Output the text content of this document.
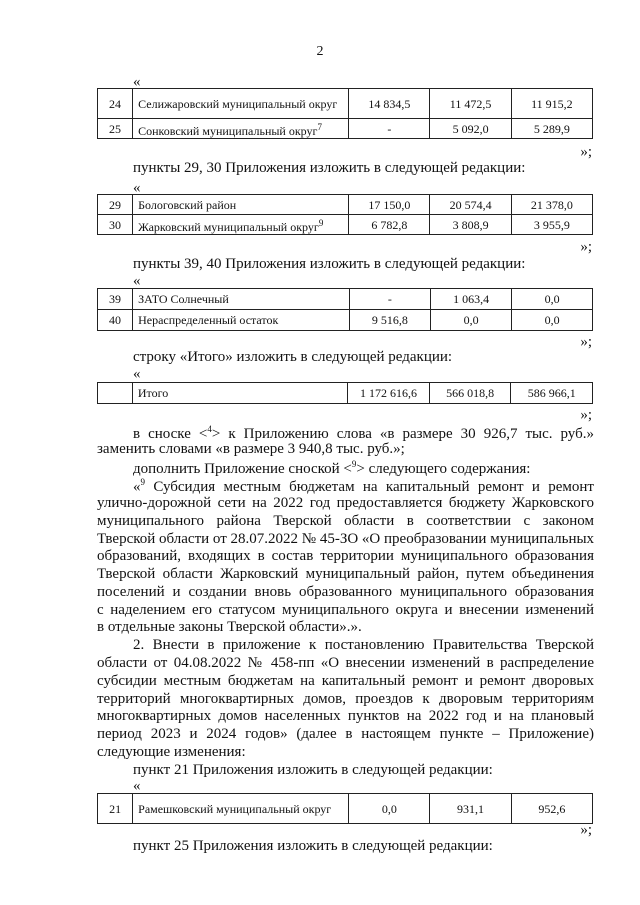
2
«
24	Селижаровский муниципальный округ	14 834,5	11 472,5	11 915,2
25	Сонковский муниципальный округ$^7$	-	5 092,0	5 289,9
»;
пункты 29, 30 Приложения изложить в следующей редакции:
«
29	Бологовский район	17 150,0	20 574,4	21 378,0
30	Жарковский муниципальный округ$^9$	6 782,8	3 808,9	3 955,9
»;
пункты 39, 40 Приложения изложить в следующей редакции:
«
39	ЗАТО Солнечный	-	1 063,4	0,0
40	Нераспределенный остаток	9 516,8	0,0	0,0
»;
строку «Итого» изложить в следующей редакции:
«
	Итого	1 172 616,6	566 018,8	586 966,1
»;
в сноске <$^4$> к Приложению слова «в размере 30 926,7 тыс. руб.»
заменить словами «в размере 3 940,8 тыс. руб.»;
дополнить Приложение сноской <$^9$> следующего содержания:
«$^9$ Субсидия местным бюджетам на капитальный ремонт и ремонт
улично-дорожной сети на 2022 год предоставляется бюджету Жарковского
муниципального района Тверской области в соответствии с законом
Тверской области от 28.07.2022 № 45-ЗО «О преобразовании муниципальных
образований, входящих в состав территории муниципального образования
Тверской области Жарковский муниципальный район, путем объединения
поселений и создании вновь образованного муниципального образования
с наделением его статусом муниципального округа и внесении изменений
в отдельные законы Тверской области».».
2. Внести в приложение к постановлению Правительства Тверской
области от 04.08.2022 № 458-пп «О внесении изменений в распределение
субсидии местным бюджетам на капитальный ремонт и ремонт дворовых
территорий многоквартирных домов, проездов к дворовым территориям
многоквартирных домов населенных пунктов на 2022 год и на плановый
период 2023 и 2024 годов» (далее в настоящем пункте – Приложение)
следующие изменения:
пункт 21 Приложения изложить в следующей редакции:
«
21	Рамешковский муниципальный округ	0,0	931,1	952,6
»;
пункт 25 Приложения изложить в следующей редакции:
